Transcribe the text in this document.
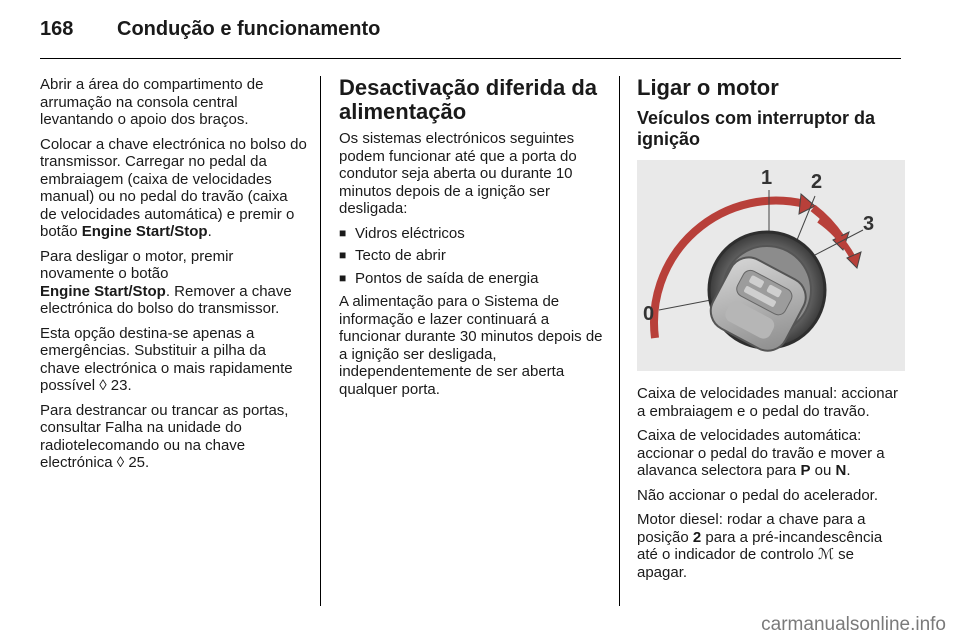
168 Condução e funcionamento

Abrir a área do compartimento de arrumação na consola central levantando o apoio dos braços.

Colocar a chave electrónica no bolso do transmissor. Carregar no pedal da embraiagem (caixa de velocidades manual) ou no pedal do travão (caixa de velocidades automática) e premir o botão Engine Start/Stop.

Para desligar o motor, premir novamente o botão
Engine Start/Stop. Remover a chave electrónica do bolso do transmissor.

Esta opção destina-se apenas a emergências. Substituir a pilha da chave electrónica o mais rapidamente possível ◊ 23.

Para destrancar ou trancar as portas, consultar Falha na unidade do radiotelecomando ou na chave electrónica ◊ 25.

Desactivação diferida da alimentação

Os sistemas electrónicos seguintes podem funcionar até que a porta do condutor seja aberta ou durante 10 minutos depois de a ignição ser desligada:

■ Vidros eléctricos
■ Tecto de abrir
■ Pontos de saída de energia

A alimentação para o Sistema de informação e lazer continuará a funcionar durante 30 minutos depois de a ignição ser desligada, independentemente de ser aberta qualquer porta.

Ligar o motor
Veículos com interruptor da ignição
0
1 2
3

Caixa de velocidades manual: accionar a embraiagem e o pedal do travão.

Caixa de velocidades automática: accionar o pedal do travão e mover a alavanca selectora para P ou N.

Não accionar o pedal do acelerador.

Motor diesel: rodar a chave para a posição 2 para a pré-incandescência até o indicador de controlo ℳ se apagar.

carmanualsonline.info
